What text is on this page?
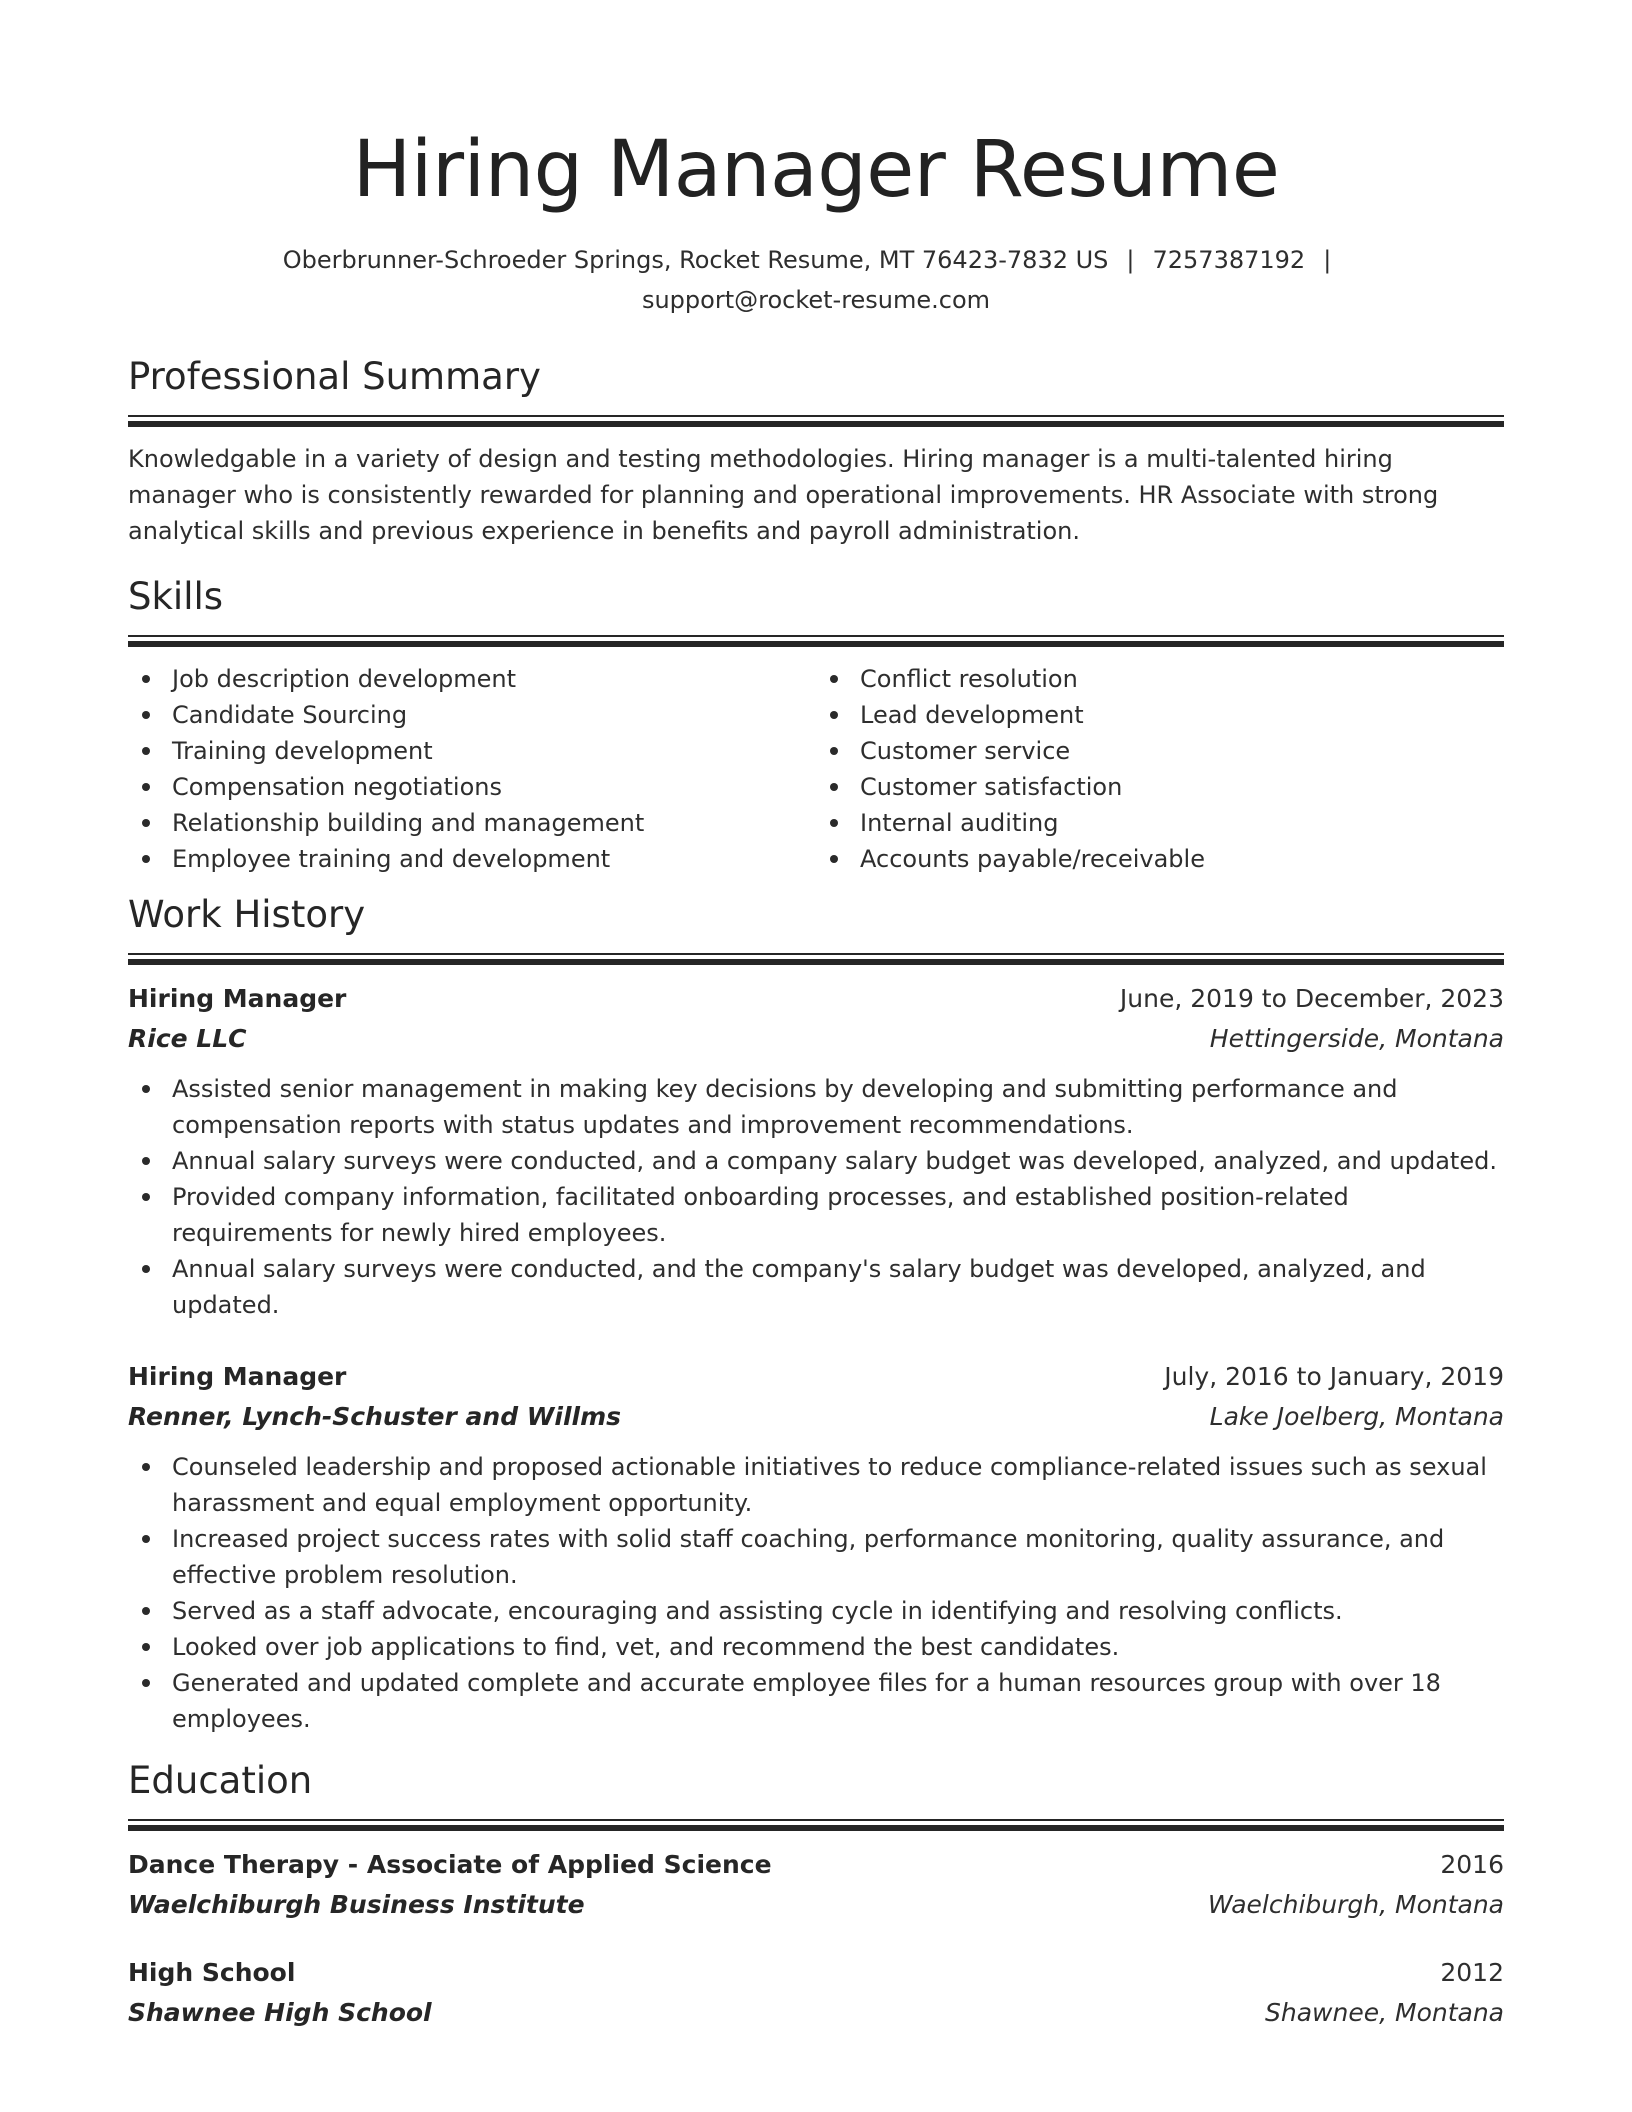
Hiring Manager Resume
Oberbrunner-Schroeder Springs, Rocket Resume, MT 76423-7832 US | 7257387192 |
support@rocket-resume.com
Professional Summary

Knowledgable in a variety of design and testing methodologies. Hiring manager is a multi-talented hiring manager who is consistently rewarded for planning and operational improvements. HR Associate with strong analytical skills and previous experience in benefits and payroll administration.

Skills
Job description development
Candidate Sourcing
Training development
Compensation negotiations
Relationship building and management
Employee training and development
Conflict resolution
Lead development
Customer service
Customer satisfaction
Internal auditing
Accounts payable/receivable
Work History
Hiring Manager	June, 2019 to December, 2023
Rice LLC	Hettingerside, Montana
Assisted senior management in making key decisions by developing and submitting performance and compensation reports with status updates and improvement recommendations.
Annual salary surveys were conducted, and a company salary budget was developed, analyzed, and updated.
Provided company information, facilitated onboarding processes, and established position-related requirements for newly hired employees.
Annual salary surveys were conducted, and the company's salary budget was developed, analyzed, and updated.
Hiring Manager	July, 2016 to January, 2019
Renner, Lynch-Schuster and Willms	Lake Joelberg, Montana
Counseled leadership and proposed actionable initiatives to reduce compliance-related issues such as sexual harassment and equal employment opportunity.
Increased project success rates with solid staff coaching, performance monitoring, quality assurance, and effective problem resolution.
Served as a staff advocate, encouraging and assisting cycle in identifying and resolving conflicts.
Looked over job applications to find, vet, and recommend the best candidates.
Generated and updated complete and accurate employee files for a human resources group with over 18 employees.
Education
Dance Therapy - Associate of Applied Science	2016
Waelchiburgh Business Institute	Waelchiburgh, Montana
High School	2012
Shawnee High School	Shawnee, Montana
